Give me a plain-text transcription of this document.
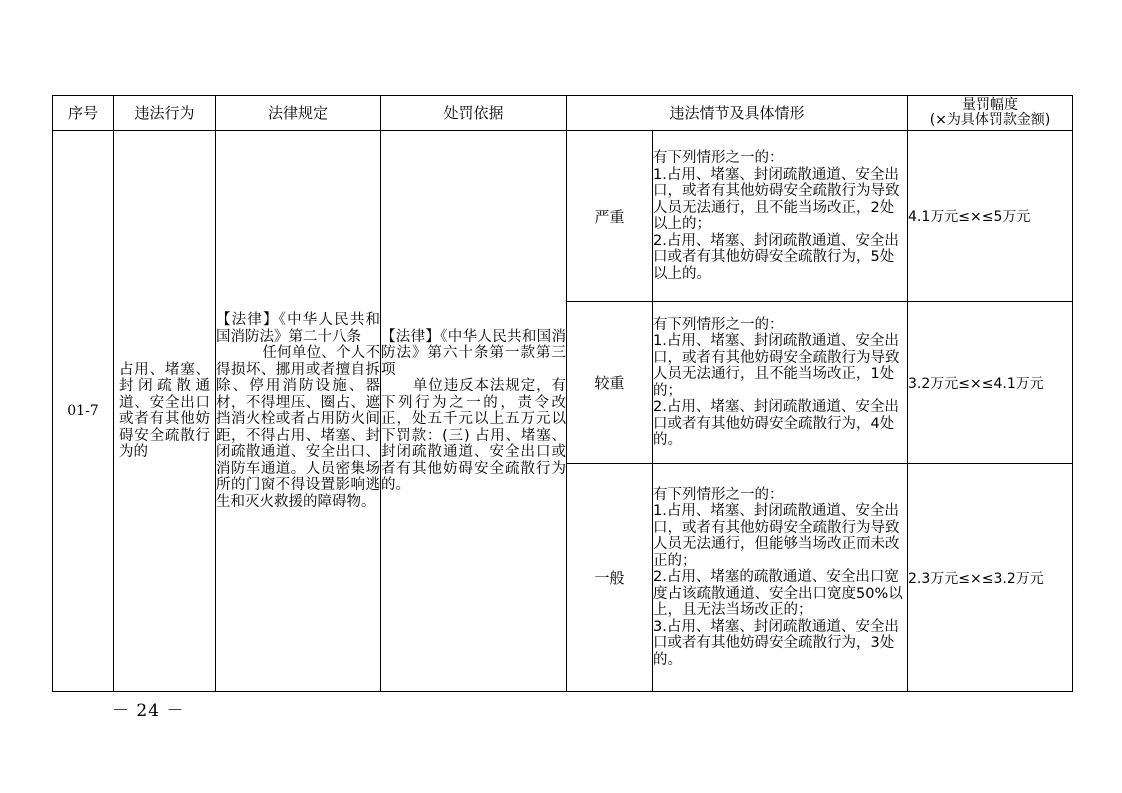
序号	违法行为	法律规定	处罚依据	违法情节及具体情形		量罚幅度
(×为具体罚款金额)

01-7	占用、堵塞、封闭疏散通道、安全出口或者有其他妨碍安全疏散行为的	【法律】《中华人民共和国消防法》第二十八条
任何单位、个人不得损坏、挪用或者擅自拆除、停用消防设施、器材，不得埋压、圈占、遮挡消火栓或者占用防火间距，不得占用、堵塞、封闭疏散通道、安全出口、消防车通道。人员密集场所的门窗不得设置影响逃生和灭火救援的障碍物。	【法律】《中华人民共和国消防法》第六十条第一款第三项
单位违反本法规定，有下列行为之一的，责令改正，处五千元以上五万元以下罚款：(三) 占用、堵塞、封闭疏散通道、安全出口或者有其他妨碍安全疏散行为的。	严重	有下列情形之一的：
1.占用、堵塞、封闭疏散通道、安全出口，或者有其他妨碍安全疏散行为导致人员无法通行，且不能当场改正，2处以上的；
2.占用、堵塞、封闭疏散通道、安全出口或者有其他妨碍安全疏散行为，5处以上的。	4.1万元≤×≤5万元
				较重	有下列情形之一的：
1.占用、堵塞、封闭疏散通道、安全出口，或者有其他妨碍安全疏散行为导致人员无法通行，且不能当场改正，1处的；
2.占用、堵塞、封闭疏散通道、安全出口或者有其他妨碍安全疏散行为，4处的。	3.2万元≤×≤4.1万元
				一般	有下列情形之一的：
1.占用、堵塞、封闭疏散通道、安全出口，或者有其他妨碍安全疏散行为导致人员无法通行，但能够当场改正而未改正的；
2.占用、堵塞的疏散通道、安全出口宽度占该疏散通道、安全出口宽度50%以上，且无法当场改正的；
3.占用、堵塞、封闭疏散通道、安全出口或者有其他妨碍安全疏散行为，3处的。	2.3万元≤×≤3.2万元
－ 24 －
